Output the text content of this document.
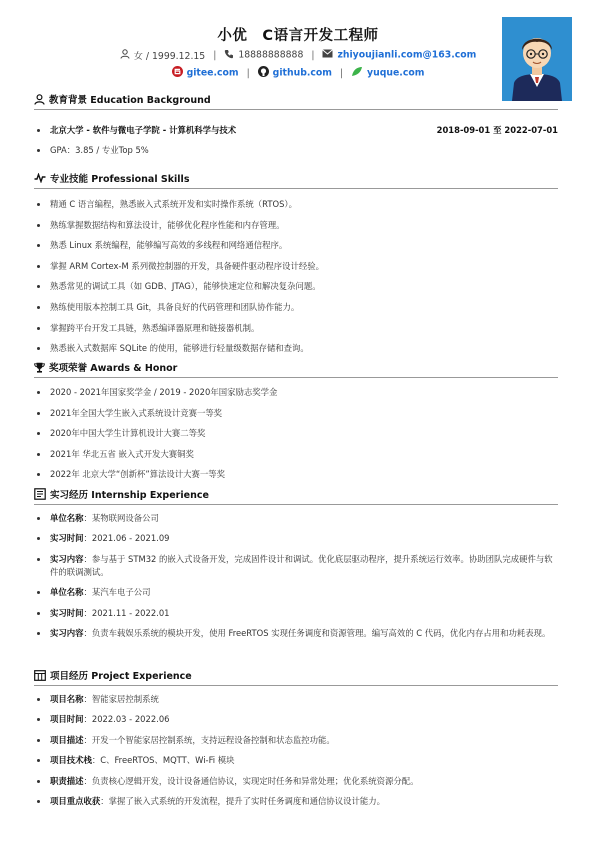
小优　C语言开发工程师
女 / 1999.12.15 | 18888888888 | zhiyoujianli.com@163.com
gitee.com | github.com |	yuque.com
教育背景 Education Background
北京大学 - 软件与微电子学院 - 计算机科学与技术	2018-09-01 至 2022-07-01
GPA：3.85 / 专业Top 5%
专业技能 Professional Skills
精通 C 语言编程，熟悉嵌入式系统开发和实时操作系统（RTOS）。
熟练掌握数据结构和算法设计，能够优化程序性能和内存管理。
熟悉 Linux 系统编程，能够编写高效的多线程和网络通信程序。
掌握 ARM Cortex-M 系列微控制器的开发，具备硬件驱动程序设计经验。
熟悉常见的调试工具（如 GDB、JTAG），能够快速定位和解决复杂问题。
熟练使用版本控制工具 Git，具备良好的代码管理和团队协作能力。
掌握跨平台开发工具链，熟悉编译器原理和链接器机制。
熟悉嵌入式数据库 SQLite 的使用，能够进行轻量级数据存储和查询。
奖项荣誉 Awards & Honor
2020 - 2021年国家奖学金 / 2019 - 2020年国家励志奖学金
2021年全国大学生嵌入式系统设计竞赛一等奖
2020年中国大学生计算机设计大赛二等奖
2021年 华北五省 嵌入式开发大赛铜奖
2022年 北京大学“创新杯”算法设计大赛一等奖
实习经历 Internship Experience
单位名称：某物联网设备公司
实习时间：2021.06 - 2021.09
实习内容：参与基于 STM32 的嵌入式设备开发，完成固件设计和调试。优化底层驱动程序，提升系统运行效率。协助团队完成硬件与软件的联调测试。
单位名称：某汽车电子公司
实习时间：2021.11 - 2022.01
实习内容：负责车载娱乐系统的模块开发，使用 FreeRTOS 实现任务调度和资源管理。编写高效的 C 代码，优化内存占用和功耗表现。
项目经历 Project Experience
项目名称：智能家居控制系统
项目时间：2022.03 - 2022.06
项目描述：开发一个智能家居控制系统，支持远程设备控制和状态监控功能。
项目技术栈：C、FreeRTOS、MQTT、Wi-Fi 模块
职责描述：负责核心逻辑开发，设计设备通信协议，实现定时任务和异常处理；优化系统资源分配。
项目重点收获：掌握了嵌入式系统的开发流程，提升了实时任务调度和通信协议设计能力。
